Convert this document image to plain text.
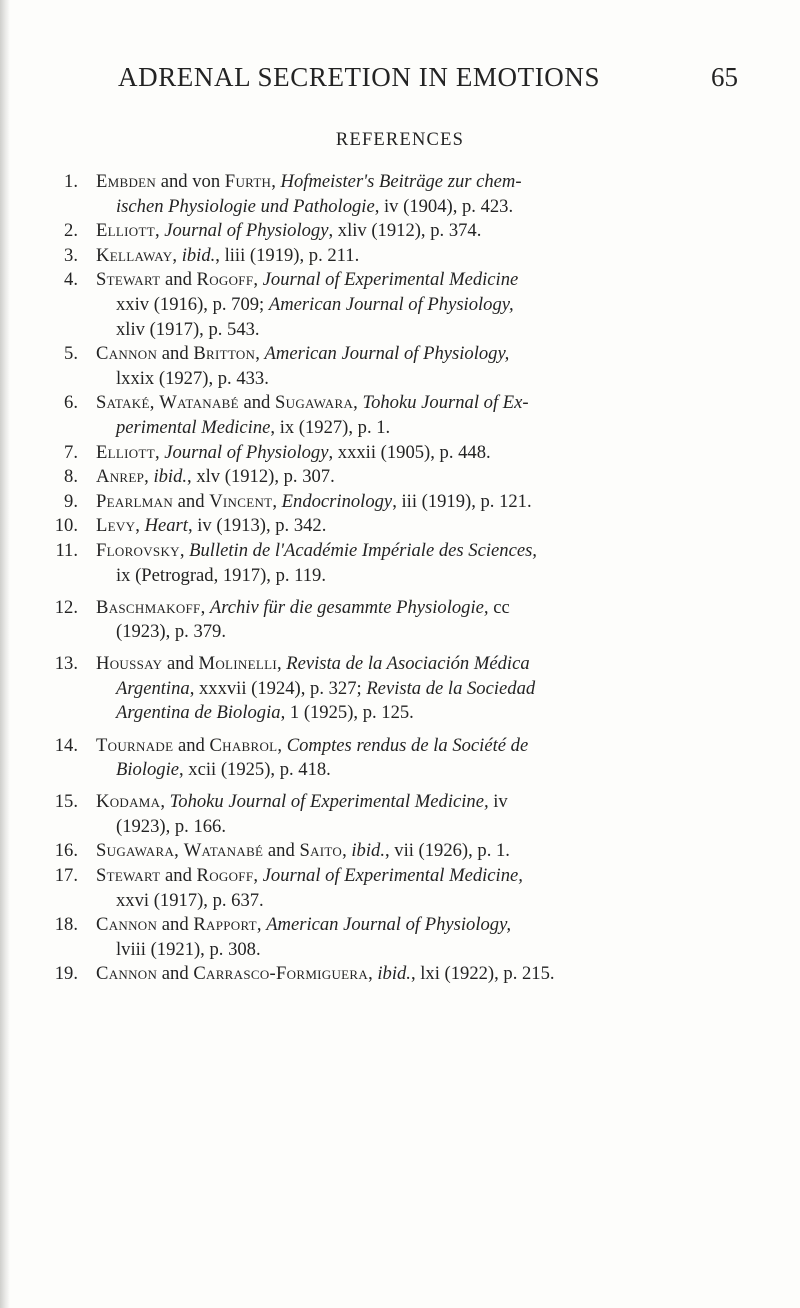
ADRENAL SECRETION IN EMOTIONS	65
REFERENCES
1. Embden and von Furth, Hofmeister's Beiträge zur chem-
ischen Physiologie und Pathologie, iv (1904), p. 423.
2. Elliott, Journal of Physiology, xliv (1912), p. 374.
3. Kellaway, ibid., liii (1919), p. 211.
4. Stewart and Rogoff, Journal of Experimental Medicine
xxiv (1916), p. 709; American Journal of Physiology,
xliv (1917), p. 543.
5. Cannon and Britton, American Journal of Physiology,
lxxix (1927), p. 433.
6. Sataké, Watanabé and Sugawara, Tohoku Journal of Ex-
perimental Medicine, ix (1927), p. 1.
7. Elliott, Journal of Physiology, xxxii (1905), p. 448.
8. Anrep, ibid., xlv (1912), p. 307.
9. Pearlman and Vincent, Endocrinology, iii (1919), p. 121.
10. Levy, Heart, iv (1913), p. 342.
11. Florovsky, Bulletin de l'Académie Impériale des Sciences,
ix (Petrograd, 1917), p. 119.
12. Baschmakoff, Archiv für die gesammte Physiologie, cc
(1923), p. 379.
13. Houssay and Molinelli, Revista de la Asociación Médica
Argentina, xxxvii (1924), p. 327; Revista de la Sociedad
Argentina de Biologia, 1 (1925), p. 125.
14. Tournade and Chabrol, Comptes rendus de la Société de
Biologie, xcii (1925), p. 418.
15. Kodama, Tohoku Journal of Experimental Medicine, iv
(1923), p. 166.
16. Sugawara, Watanabé and Saito, ibid., vii (1926), p. 1.
17. Stewart and Rogoff, Journal of Experimental Medicine,
xxvi (1917), p. 637.
18. Cannon and Rapport, American Journal of Physiology,
lviii (1921), p. 308.
19. Cannon and Carrasco-Formiguera, ibid., lxi (1922), p. 215.
